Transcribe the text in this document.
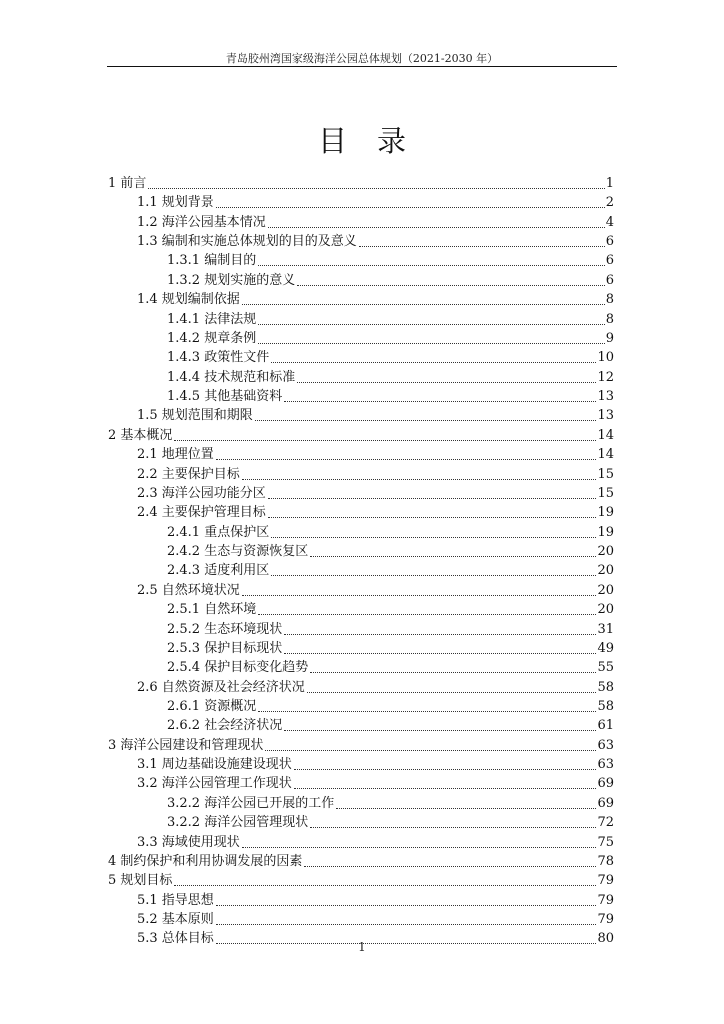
青岛胶州湾国家级海洋公园总体规划（2021-2030 年）
目录
1 前言	1
1.1 规划背景	2
1.2 海洋公园基本情况	4
1.3 编制和实施总体规划的目的及意义	6
1.3.1 编制目的	6
1.3.2 规划实施的意义	6
1.4 规划编制依据	8
1.4.1 法律法规	8
1.4.2 规章条例	9
1.4.3 政策性文件	10
1.4.4 技术规范和标准	12
1.4.5 其他基础资料	13
1.5 规划范围和期限	13
2 基本概况	14
2.1 地理位置	14
2.2 主要保护目标	15
2.3 海洋公园功能分区	15
2.4 主要保护管理目标	19
2.4.1 重点保护区	19
2.4.2 生态与资源恢复区	20
2.4.3 适度利用区	20
2.5 自然环境状况	20
2.5.1 自然环境	20
2.5.2 生态环境现状	31
2.5.3 保护目标现状	49
2.5.4 保护目标变化趋势	55
2.6 自然资源及社会经济状况	58
2.6.1 资源概况	58
2.6.2 社会经济状况	61
3 海洋公园建设和管理现状	63
3.1 周边基础设施建设现状	63
3.2 海洋公园管理工作现状	69
3.2.2 海洋公园已开展的工作	69
3.2.2 海洋公园管理现状	72
3.3 海域使用现状	75
4 制约保护和利用协调发展的因素	78
5 规划目标	79
5.1 指导思想	79
5.2 基本原则	79
5.3 总体目标	80
1
